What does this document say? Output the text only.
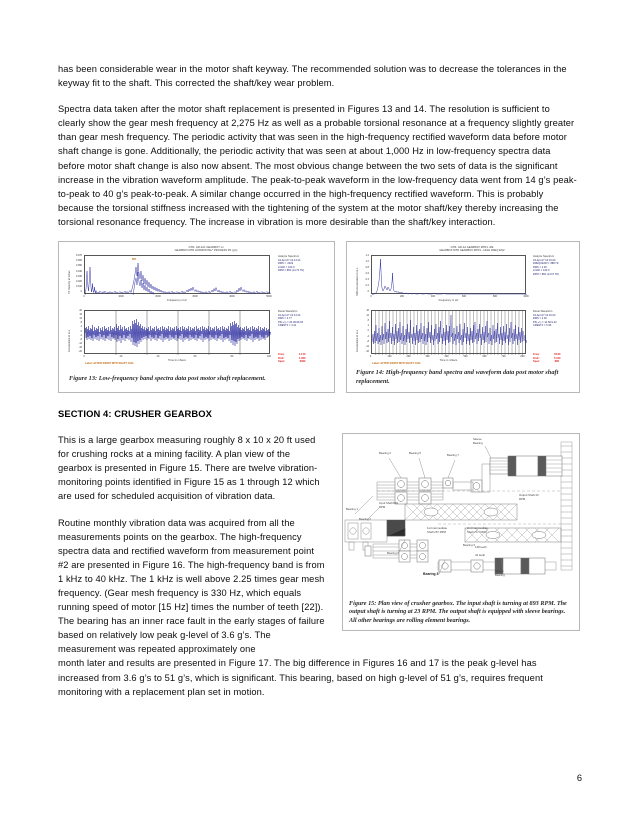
has been considerable wear in the motor shaft keyway. The recommended solution was to decrease the tolerances in the keyway fit to the shaft. This corrected the shaft/key wear problem.

Spectra data taken after the motor shaft replacement is presented in Figures 13 and 14. The resolution is sufficient to clearly show the gear mesh frequency at 2,275 Hz as well as a probable torsional resonance at a frequency slightly greater than gear mesh frequency. The periodic activity that was seen in the high-frequency rectified waveform data before motor shaft change is gone. Additionally, the periodic activity that was seen at about 1,000 Hz in low-frequency spectra data before motor shaft change is also now absent. The most obvious change between the two sets of data is the significant increase in the vibration waveform amplitude. The peak-to-peak waveform in the low-frequency data went from 14 g’s peak-to-peak to 40 g’s peak-to-peak. A similar change occurred in the high-frequency rectified waveform. This is probably because the torsional stiffness increased with the tightening of the system at the motor shaft/key thereby increasing the torsional resonance frequency. The increase in vibration is more desirable than the shaft/key interaction.

GTR- GR-1A1 GEARMOT -H
GEARBOX MTR HORIZONTAL* PROCESS PK (g’s)
PK Velocity in in/sec
0.070
0.060
0.050
0.040
0.030
0.020
0.010
0
887
0	1000	2000	3000	4000	5000
Frequency in Hz
Analyze Spectrum
04-Apr-07 10:14:14
RMS = .0022
LOAD = 100.0
RPM = 882 (14.70 Hz)
Acceleration in G-s
20
16
12
8
4
0
-4
-8
-12
-16
-20
0	20	40	60	80	100
Time in mSecs
Route Waveform
04-Apr-07 10:14:14
RMS = 4.77
PK(+/-) = 20.09/19.63
CRESTF = 4.21
Freq:	14.70
Ordr:	1.000
Spec:	.0002
Label: AFTER 3/29/07 MTR SHAFT CHG
Figure 13: Low-frequency band spectra data post motor shaft replacement.
GTR- GR-1A GEARBOX MTR1 -RE
GEARBOX MTR GEARBOX MTR1 - HIGH FREQ ENV
RMS Acceleration in G-s
1.2
1.0
0.8
0.6
0.4
0.2
0
0	200	400	600	800	1000
Frequency in Hz
Analyze Spectrum
04-Apr-07 10:16:20
FREQUENCY: 888 Hz
RMS = 2.00
LOAD = 100.0
RPM = 882 (14.67 Hz)
Acceleration in G-s
16
12
8
4
0
-4
-8
-12
-16
0	100	200	300	400	500	600	700	800
Time in mSecs
Route Waveform
04-Apr-07 10:16:20
RMS = 2.00
PK(+/-) = 14.66/1.22
CRESTF = 5.90
Freq:	78.00
Ordr:	5.310
Spec:	.680
Label: AFTER 3/29/07 MTR SHAFT CHG
Figure 14: High-frequency band spectra and waveform data post motor shaft replacement.
SECTION 4: CRUSHER GEARBOX
Bearing 1
Bearing 2
Bearing 4	Bearing 5	Bearing 7
Sleeve Bearing
Bearing 6
Bearing 8
Sleeve Bearing
Output Shaft 23 RPM
1st Intermediate Shaft 267 RPM
2nd Intermediate Shaft 74.7 RPM
Input Shaft 893 RPM
148 teeth
44 teeth
Bearing 3
Figure 15: Plan view of crusher gearbox. The input shaft is turning at 893 RPM. The output shaft is turning at 23 RPM. The output shaft is equipped with sleeve bearings. All other bearings are rolling element bearings.

This is a large gearbox measuring roughly 8 x 10 x 20 ft used for crushing rocks at a mining facility. A plan view of the gearbox is presented in Figure 15. There are twelve vibration-monitoring points identified in Figure 15 as 1 through 12 which are used for scheduled acquisition of vibration data.

Routine monthly vibration data was acquired from all the measurements points on the gearbox. The high-frequency spectra data and rectified waveform from measurement point #2 are presented in Figure 16. The high-frequency band is from 1 kHz to 40 kHz. The 1 kHz is well above 2.25 times gear mesh frequency. (Gear mesh frequency is 330 Hz, which equals running speed of motor [15 Hz] times the number of teeth [22]). The bearing has an inner race fault in the early stages of failure based on relatively low peak g-level of 3.6 g’s. The measurement was repeated approximately one

month later and results are presented in Figure 17. The big difference in Figures 16 and 17 is the peak g-level has increased from 3.6 g’s to 51 g’s, which is significant. This bearing, based on high g-level of 51 g’s, requires frequent monitoring with a replacement plan set in motion.

6
